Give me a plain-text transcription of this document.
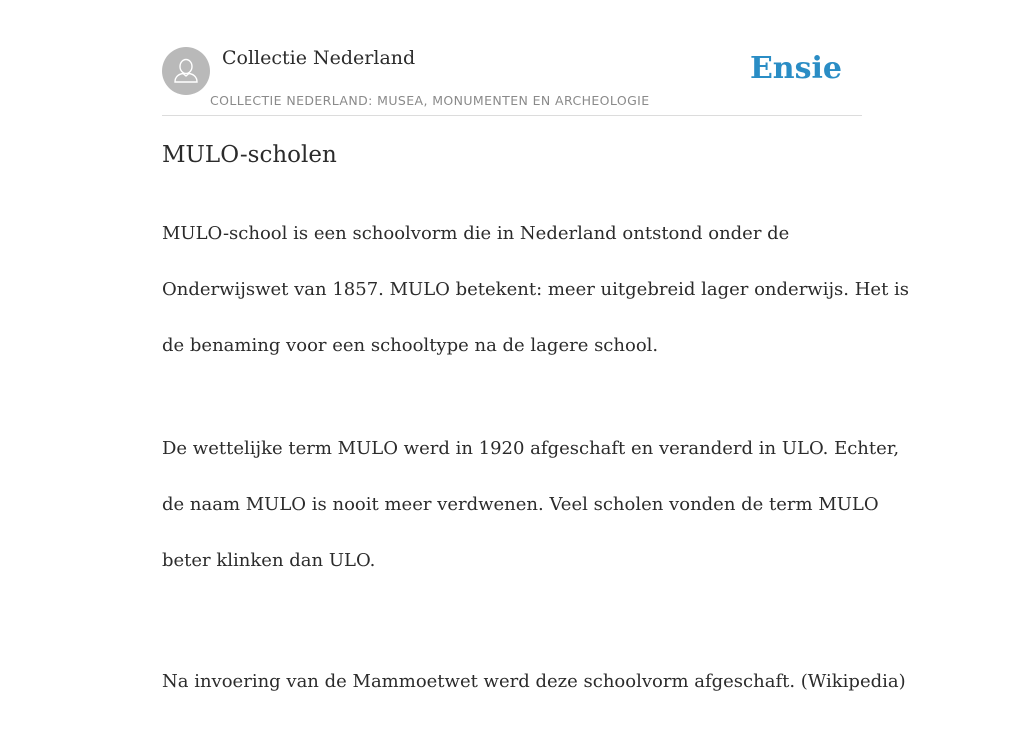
Collectie Nederland
COLLECTIE NEDERLAND: MUSEA, MONUMENTEN EN ARCHEOLOGIE
Ensie
MULO-scholen

MULO-school is een schoolvorm die in Nederland ontstond onder de

Onderwijswet van 1857. MULO betekent: meer uitgebreid lager onderwijs. Het is

de benaming voor een schooltype na de lagere school.

De wettelijke term MULO werd in 1920 afgeschaft en veranderd in ULO. Echter,

de naam MULO is nooit meer verdwenen. Veel scholen vonden de term MULO

beter klinken dan ULO.

Na invoering van de Mammoetwet werd deze schoolvorm afgeschaft. (Wikipedia)
